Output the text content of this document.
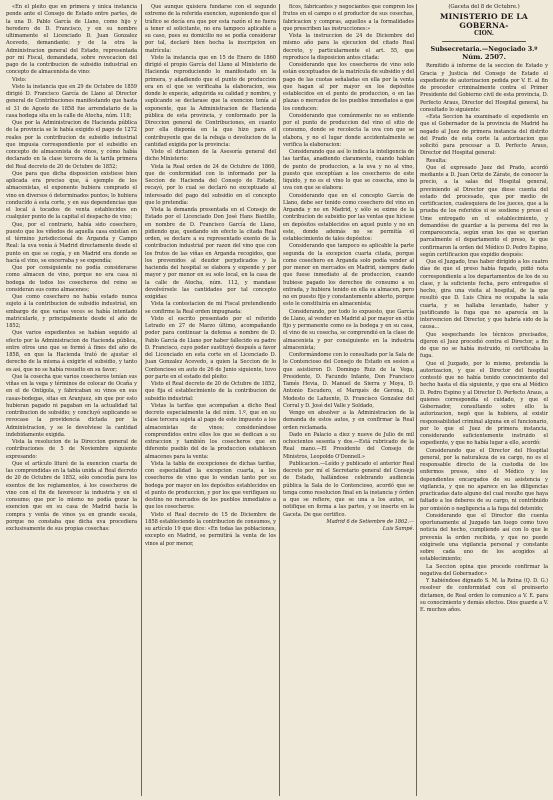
«En el pleito que en primera y única instancia pende ante el Consejo de Estado entre partes, de la una D. Pablo García de Llano, como hijo y heredero de D. Francisco, y en su nombre ultimamente el Licenciado D. Juan Gonzalez Acevedo, demandante; y de la otra la Administracion general del Estado, representada por mi Fiscal, demandada, sobre revocacion del pago de la contribucion de subsidio industrial en concepto de almacenista de vino:

Visto:

Visto la instancia que en 29 de Octubre de 1859 dirigió D. Francisco García de Llano al Director general de Contribuciones manifestando que hasta el 31 de Agosto de 1858 fue arrendatario de la casa bodega sita en la calle de Atocha, núm. 118;

Que por la Administracion de Hacienda pública de la provincia se le había exigido el pago de 1272 reales por la contribucion de subsidio industrial que impusia correspondiente por el subsidio en concepto de almacenista de vinos, y cómo había declarado en la clase tercera de la tarifa primera del Real decreto de 20 de Octubre de 1852;

Que para que dicha disposicion existiese bien aplicada era preciso que, á ejemplo de los almacenistas, el exponente hubiera comprado el vino en diversos ó determinados puntos; lo hubiera conducido á esta corte, y en sus dependencias que el local á tocados de venta establecidos en cualquier punto de la capital el despacho de vino;

Que, por el contrario, había sido cosechero, puesto que los viñedos de aquella casa existían en el término jurisdiccional de Arganda y Campo Real: la uva venía á Madrid directamente desde el punto en que se cogía, y en Madrid era donde se hacía el vino, se encerraba y se expendía;

Que por consiguiente no podía considerarse como almacen de vino, porque no era casa ni bodega de todos los cosecheros del reino se consideran sus como almacenes;

Que como cosechero no había estado nunca sujeto á la contribucion de subsidio industrial, sin embargo de que varias veces se había intentado matricularle, y principalmente desde el año de 1852;

Que varios expedientes se habían seguido al efecto por la Administracion de Hacienda pública, entre otros uno que se formó á fines del año de 1858, en que la Hacienda trató de ajustar el derecho de la misma á exigirle el subsidio, y tanto es así, que no se había resuelto en su favor;

Que la cosecha que varios cosecheros tenían sus viñas en la vega y términos de colocar de Ocaña y en el de Ontígola, y fabricaban su vinos en sus casas-bodegas, sitas en Aranjuez, sin que por esto hubieran pagado ni pagaban en la actualidad tal contribucion de subsidio; y concluyó suplicando se revocase la providencia dictada por la Administracion, y se le devolviese la cantidad indebidamente exigida.

Vista la resolucion de la Direccion general de contribuciones de 5 de Noviembre siguiente expresando:

Que el artículo lituré de la exencion cuarta de las comprendidas en la tabla unida al Real decreto de 20 de Octubre de 1852, sólo concedía para los exentos de los reglamentos, á los cosecheros de vino con el fin de favorecer la industria y en el consumo; que por lo mismo no podía gozar la exencion que en su casa de Madrid hacía la compra y venta de vinos ya en grande escala, porque no constaba que dicha uva procediera exclusivamente de sus propias cosechas:

Que aunque quisiera fundarse con el segundo extremo de la referida exencion, suponiendo que el tráfico se decía era que por esta razón el no fuera a tener el solicitante, no era tampoco aplicable a su caso, pues su domicilio no se podía considerar por tal, declaró bien hecha la inscripcion en matrícula:

Visto la instancia que en 15 de Enero de 1860 dirigió el propio García del Llano al Ministerio de Hacienda reproduciendo lo manifestado en la primera, y añadiendo que el punto de produccion era en el que se verificaba la elaboracion, sea donde le expecie, adquirida su calidad y nombre, y suplicando se declarase que la exencion tenía al exponente, que la Administracion de Hacienda pública de esta provincia, y conformado por la Direccion general de Contribuciones, en cuanto por ella disponía en la que hizo para el contribuyente que de la rebaja o devolucion de la cantidad exigida por la provincia:

Visto el dictamen de la Asesoría general del dicho Ministerio:

Vista la Real orden de 24 de Octubre de 1860, que de conformidad con lo informado por la Seccion de Hacienda del Consejo de Estado, recayó, por lo cual se declaró no exceptuado al interesado del pago del subsidio en el concepto que lo pretendía:

Vista la demanda presentada en el Consejo de Estado por el Licenciado Don José Hans Bastillo, en nombre de D. Francisco García de Llano, pidiendo que, quedando sin efecto la citada Real orden, se declare a su representado exento de la contribucion industrial por razon del vino que con los frutos de las viñas en Arganda recogidos, que los prevenidos al deudor perjudicados y la hacienda del hospital se elabora y expende y por mayor y por menor en su solo local, en la casa de la calle de Atocha, núm. 112, y mandase devolvérsele las cantidades por tal concepto exigidas:

Vista la contestacion de mi Fiscal pretendiendo se confirme la Real orden impugnada:

Visto el escrito presentado por el referido Letrado en 27 de Marzo último, acompañando poder para continuar la defensa a nombre de D. Pablo García de Llano por haber fallecido su padre D. Francisco, cuyo poder sustituyó después a favor del Licenciado en esta corte en el Licenciado D. Juan Gonzalez Acevedo, a quien la Seccion de lo Contencioso en auto de 26 de Junio siguiente, tuvo por parte en el estado del pleito:

Visto el Real decreto de 20 de Octubre de 1852, que fija el establecimiento de la contribucion de subsidio industrial:

Vistas la tarifas que acompañan a dicho Real decreto especialmente la del núm. 1.º, que en su clase tercera sujeta al pago de este impuesto a los almacenistas de vinos; considerándose comprendidos entre ellos los que se dedican a su extraccion y también los cosecheros que en diferente pueblo del de la produccion establecen almacenes para la venta:

Vista la tabla de excepciones de dichas tarifas, con especialidad la excepcion cuarta, a los cosecheros de vino que lo vendan tanto por su bodega por mayor en los depósitos establecidos en el punto de produccion, y por los que verifiquen su destino no mercados de los pueblos inmediatos a que los cosecheros:

Visto el Real decreto de 15 de Diciembre de 1858 estableciendo la contribucion de consumos, y su artículo 19 que dice: «En todas las poblaciones, excepto en Madrid, se permitirá la venta de los vinos al por menor,

ficos, fabricantes y negociantes que compren los frutos en el campo o el productor de sus cosechas, fabricacion y compras, aquellos a la formalidades que prescriben las instrucciones:»

Vista la instruccion de 24 de Diciembre del mismo año para la ejecucion del citado Real decreto, y particularmente el art. 55, que reproduce la disposicion antes citada:

Considerando que los cosecheros de vino solo están exceptuados de la matrícula de subsidio y del pago de las cuotas señaladas en ella por la venta que hagan al por mayor en los depósitos establecidos en el punto de produccion, o en las plazas o mercados de los pueblos inmediatos a que los conducen:

Considerando que comúnmente no se entiende por el punto de produccion del vino el sitio de consumo, donde se recolecta la uva con que se elabora, y no el lugar donde accidentalmente se verifica la elaboracion:

Considerando que así lo indica la inteligencia de las tarifas, anadiendo claramente, cuando hablan de punto de produccion, a la uva y no al vino, puesto que exceptúan a los cosecheros de este liquido, y no es el vino lo que se cosecha, sino la uva con que se elabora:

Considerando que en el concepto García de Llano, debe ser tenido como cosechero del vino en Arganda y no en Madrid, y sólo se exime de la contribucion de subsidio por las ventas que hiciese en depósitos establecidos en aquel punto y no en este, donde además no se permitía el establecimiento de tales depósitos:

Considerando que tampoco es aplicable la parte segunda de la excepcion cuarta citada, porque como cosechero en Arganda solo podía vender al por menor en mercados en Madrid, siempre dado que fuese inmediato al de produccion, cuando hubiese pagado los derechos de consumo a su entrada, y hubiera tenido en ella su almacen, pero no en puesto fijo y constantemente abierto, porque esto le constituiría en almacenista;

Considerando, por todo lo expuesto, que García de Llano, al vender en Madrid al por mayor en sitio fijo y permanente como es la bodega y en su casa, el vino de su cosecha, se comprendió en la clase de almacenista y por consiguiente en la industria almacenista;

Conformándome con lo consultado por la Sala de lo Contencioso del Consejo de Estado en sesion a que asistieron D. Domingo Ruiz de la Vega, Presidente, D. Facundo Infante, Don Francisco Tamés Hevia, D. Manuel de Sierra y Moya, D. Antonio Escudero, el Marqués de Gerona, D. Modesto de Lafuente, D. Francisco Gonzalez del Corral y D. José del Valle y Soldado,

Vengo en absolver a la Administracion de la demanda de estos autos, y en confirmar la Real orden reclamada.

Dado en Palacio a diez y nueve de Julio de mil ochocientos sesenta y dos.—Está rubricado de la Real mano.—El Presidente del Consejo de Ministros, Leopoldo O'Donnell.»

Publicacion.—Leído y publicado el anterior Real decreto por mí el Secretario general del Consejo de Estado, hallándose celebrando audiencia pública la Sala de lo Contencioso, acordó que se tenga como resolucion final en la instancia y órden a que se refiere, que se una a los autos, se notifique en forma a las partes, y se inserte en la Gaceta. De que certifico.

Madrid 6 de Setiembre de 1862.—

Luis Sampé.

(Gaceta del 8 de Octubre.)
MINISTERIO DE LA GOBERNA-
CION.
Subsecretaria.—Negociado 3.º
Núm. 2507.

Remitido á informe de la seccion de Estado y Gracia y Justicia del Consejo de Estado el expediente de autorizacion pedida por V. E. al fin de proceder criminalmente contra el Primer Presidente del Gobierno civil de esta provincia, D. Perfecto Araus, Director del Hospital general, ha consultado lo siguiente:

«Esta Seccion ha examinado el expediente en que el Gobernador de la provincia de Madrid ha negado al Juez de primera instancia del distrito del Prado de esta corte la autorizacion que solicitó para procesar a D. Perfecto Araus, Director del Hospital general:

Resulta:

Que el expresado Juez del Prado, acordó mediante a D. Juan Ortiz de Zárate, de conocer la precio, a la salas del Hospital general, previniendo al Director que diese cuenta del estado del procesado, que por medio de certificacion, cualesquiera de los jueces, que a la prueba de los referidos si se sostiene y preso el Ume entregado en el establecimiento, y demandóse de guardar a la persona del reo la comparecencia, según eran los que se querian parcalmente el departamento el preso, le que confirmaron la orden del Médico D. Pedro Espino, según certificacion que expidio después:

Que el Juzgado, tras haber dirigido a los cuatro días de que el preso había fugado, pidió nota correspondiente a los departamentos de los de su clase, y la suficiente fecha, pero entregados el hecho, gira una visita al hospital, de la que resultó que D. Luis Chica no ocupaba la sala cuarta, y se hallaba levantado, haber y justificando la fuga que no aparecía en la intervencion del Director, y que habría sido de la causa...

Que sospechando los técnicos precisados, dijeron el Juez procedió contra el Director, a fin de que no se había instruido, ni certificaba la fuga.

Que el Juzgado, por lo mismo, pretendía la autorizacion, y que el Director del hospital contestó que no había tenido conocimiento del hecho hasta el día siguiente, y que era al Médico D. Pedro Espino y al Director D. Perfecto Araus, a quienes correspondía el cuidado, y que el Gobernador, consultando sobre ello la autorizacion, negó que la hubiera, al existir responsabilidad criminal alguna en el funcionario, por lo que el Juez de primera instancia, considerando suficientemente instruido el expediente, y que no había lugar a ello, acordó:

Considerando que el Director del Hospital general, por la naturaleza de su cargo, no es el responsable directo de la custodia de los enfermos presos, sino el Médico y los dependientes encargados de su asistencia y vigilancia, y que no aparece en las diligencias practicadas dato alguno del cual resulte que haya faltado a los deberes de su cargo, ni contribuido por omisión o negligencia a la fuga del detenido;

Considerando que el Director dio cuenta oportunamente al Juzgado tan luego como tuvo noticia del hecho, cumpliendo así con lo que le prevenía la orden recibida, y que no puede exigírsele una vigilancia personal y constante sobre cada uno de los acogidos al establecimiento;

La Seccion opina que procede confirmar la negativa del Gobernador.»

Y habiéndose dignado S. M. la Reina (Q. D. G.) resolver de conformidad con el preinserto dictamen, de Real orden lo comunico a V. E. para su conocimiento y demás efectos. Dios guarde a V. E. muchos años.
